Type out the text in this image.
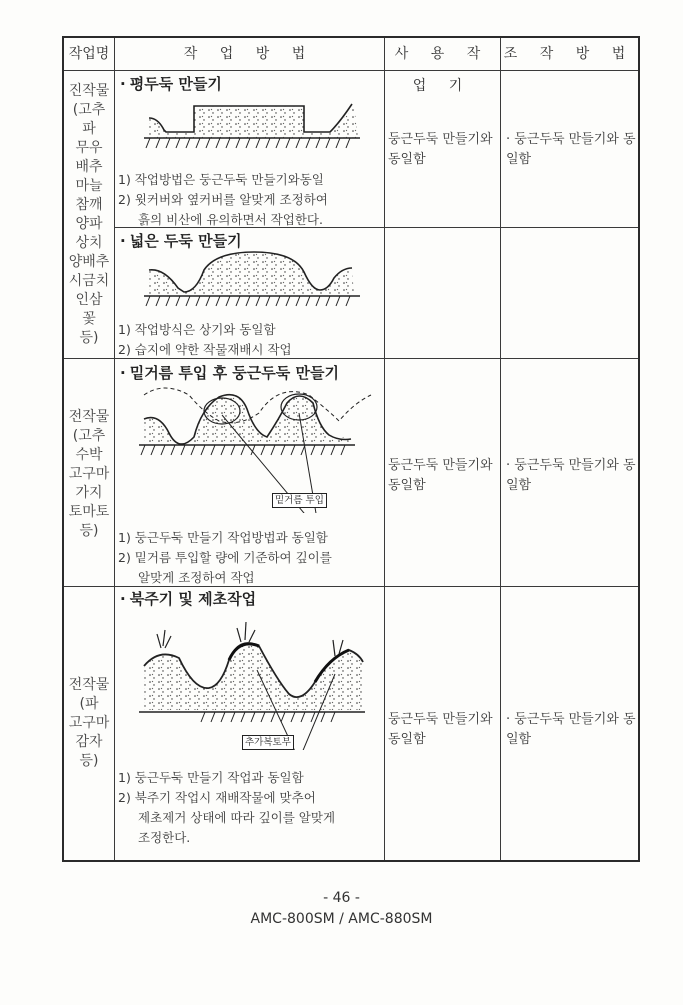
작업명	작 업 방 법	사 용 작 업 기
조 작 방 법
진작물
(고추
파
무우
배추
마늘
참깨
양파
상치
양배추
시금치
인삼
꽃
등)
전작물
(고추
수박
고구마
가지
토마토
등)
전작물
(파
고구마
감자
등)
· 평두둑 만들기
1) 작업방법은 둥근두둑 만들기와동일
2) 윗커버와 옆커버를 알맞게 조정하여
흙의 비산에 유의하면서 작업한다.
둥근두둑 만들기와 동일함
· 둥근두둑 만들기와 동일함
· 넓은 두둑 만들기
1) 작업방식은 상기와 동일함
2) 습지에 약한 작물재배시 작업
· 밑거름 투입 후 둥근두둑 만들기
밑거름 투입
1) 둥근두둑 만들기 작업방법과 동일함
2) 밑거름 투입할 량에 기준하여 깊이를
알맞게 조정하여 작업
둥근두둑 만들기와 동일함
· 둥근두둑 만들기와 동일함
· 북주기 및 제초작업
추가복토부
1) 둥근두둑 만들기 작업과 동일함
2) 북주기 작업시 재배작물에 맞추어
제초제거 상태에 따라 깊이를 알맞게
조정한다.
둥근두둑 만들기와 동일함
· 둥근두둑 만들기와 동일함
- 46 -
AMC-800SM / AMC-880SM
